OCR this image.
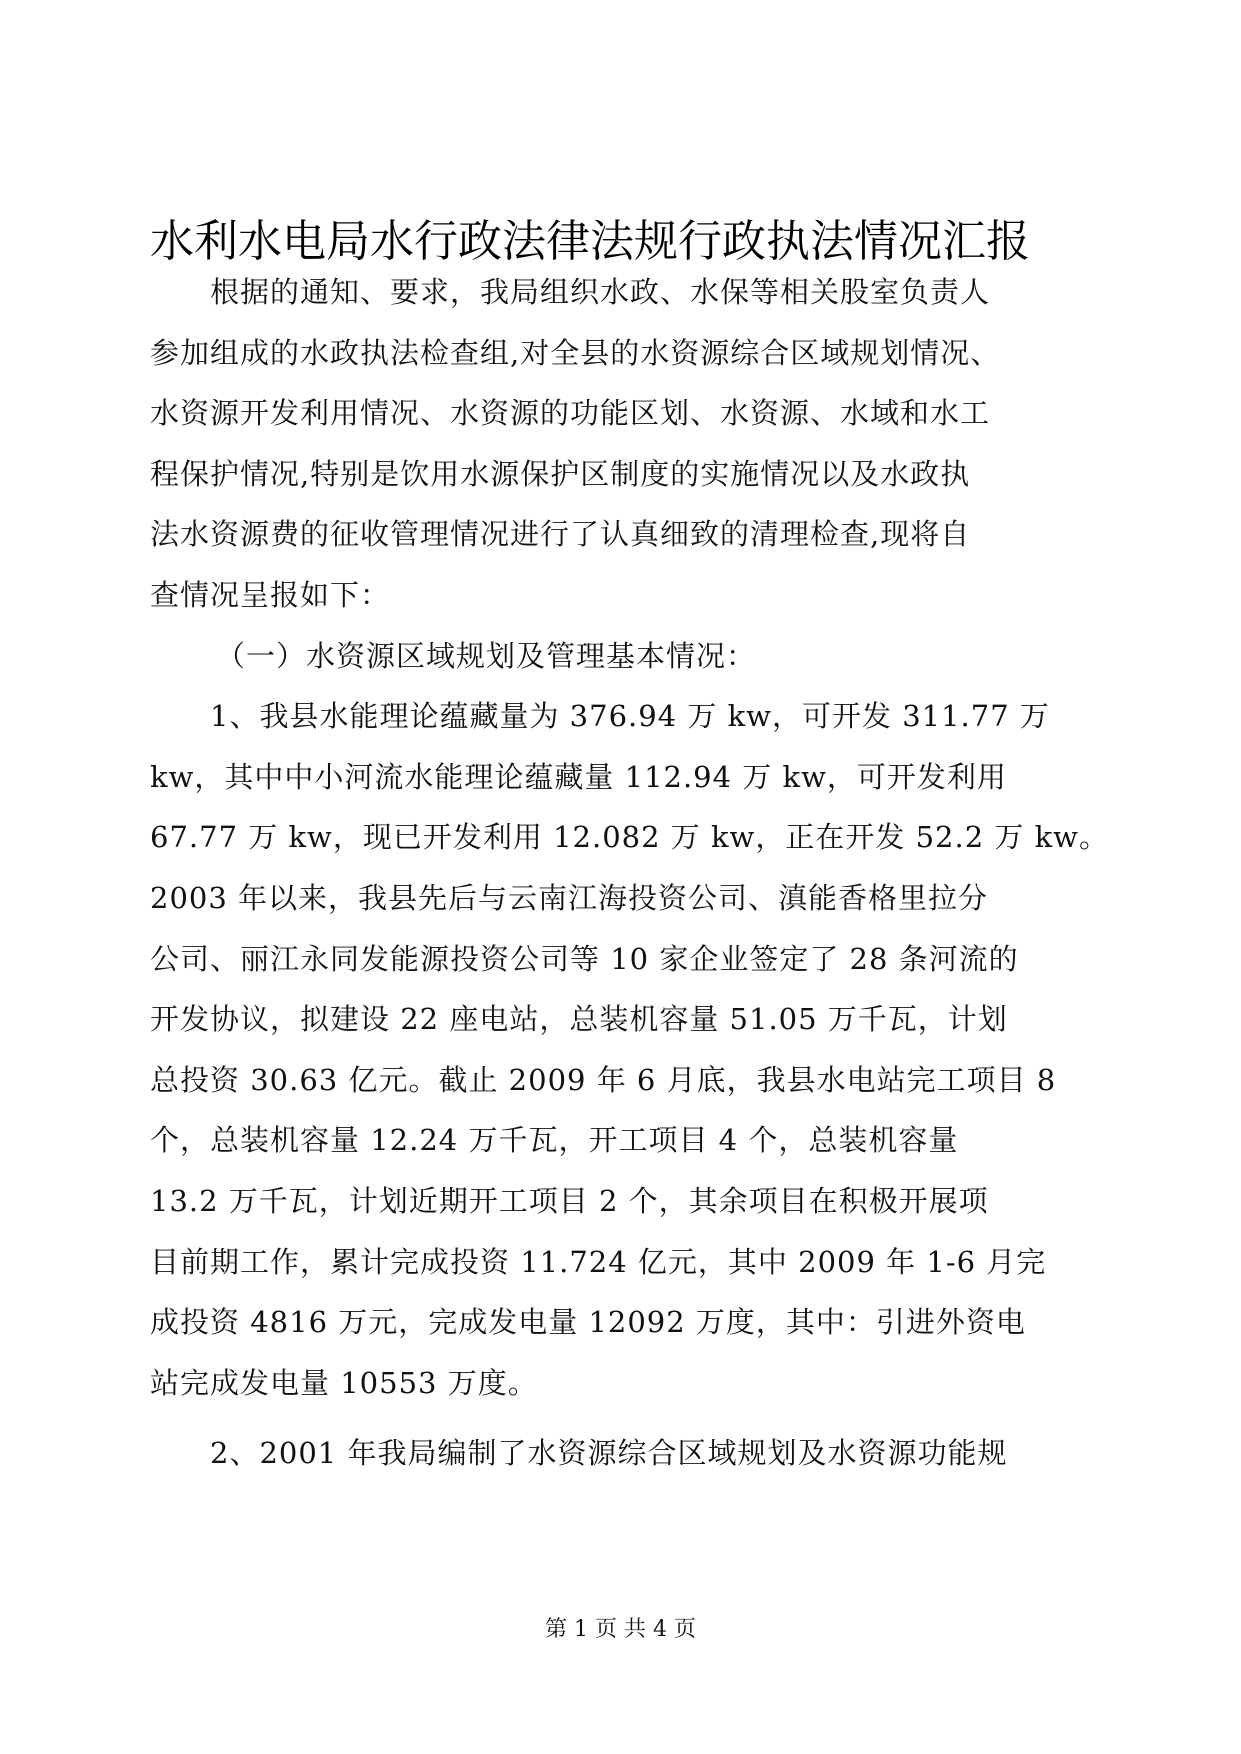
水利水电局水行政法律法规行政执法情况汇报
根据的通知、要求，我局组织水政、水保等相关股室负责人
参加组成的水政执法检查组,对全县的水资源综合区域规划情况、
水资源开发利用情况、水资源的功能区划、水资源、水域和水工
程保护情况,特别是饮用水源保护区制度的实施情况以及水政执
法水资源费的征收管理情况进行了认真细致的清理检查,现将自
查情况呈报如下：
（一）水资源区域规划及管理基本情况：
1、我县水能理论蕴藏量为 376.94 万 kw，可开发 311.77 万
kw，其中中小河流水能理论蕴藏量 112.94 万 kw，可开发利用
67.77 万 kw，现已开发利用 12.082 万 kw，正在开发 52.2 万 kw。
2003 年以来，我县先后与云南江海投资公司、滇能香格里拉分
公司、丽江永同发能源投资公司等 10 家企业签定了 28 条河流的
开发协议，拟建设 22 座电站，总装机容量 51.05 万千瓦，计划
总投资 30.63 亿元。截止 2009 年 6 月底，我县水电站完工项目 8
个，总装机容量 12.24 万千瓦，开工项目 4 个，总装机容量
13.2 万千瓦，计划近期开工项目 2 个，其余项目在积极开展项
目前期工作，累计完成投资 11.724 亿元，其中 2009 年 1-6 月完
成投资 4816 万元，完成发电量 12092 万度，其中：引进外资电
站完成发电量 10553 万度。
2、2001 年我局编制了水资源综合区域规划及水资源功能规
第 1 页 共 4 页
